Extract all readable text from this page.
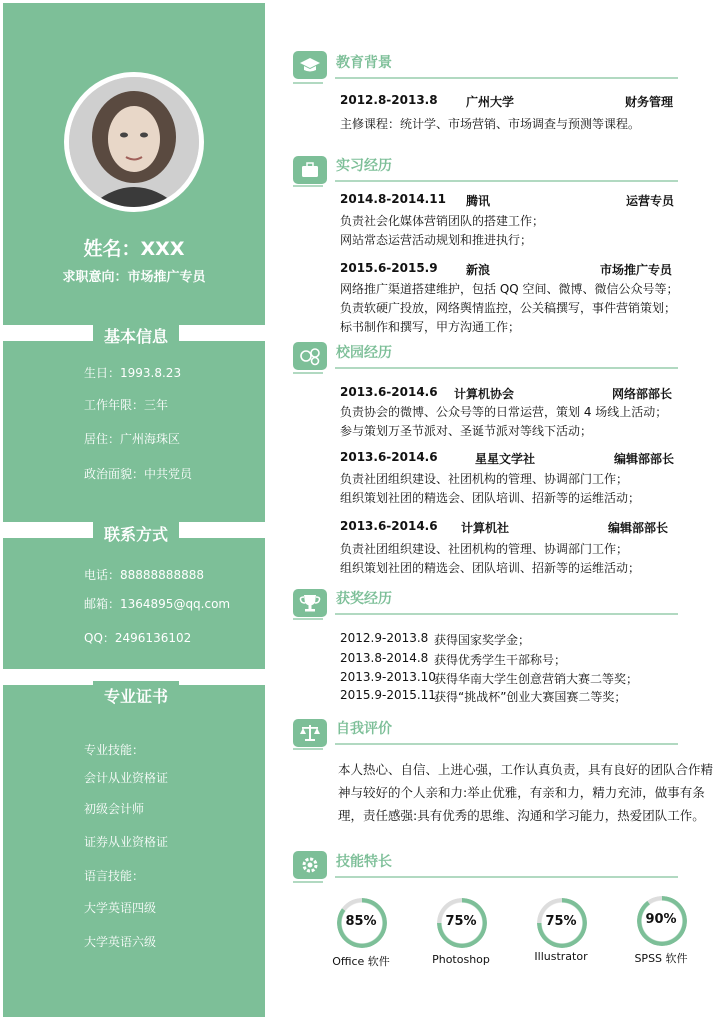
姓名：XXX
求职意向：市场推广专员
基本信息
生日：1993.8.23
工作年限：三年
居住：广州海珠区
政治面貌：中共党员
联系方式
电话：88888888888
邮箱：1364895@qq.com
QQ：2496136102
专业证书
专业技能：
会计从业资格证
初级会计师
证券从业资格证
语言技能：
大学英语四级
大学英语六级
教育背景
2012.8-2013.8 广州大学	财务管理
主修课程：统计学、市场营销、市场调查与预测等课程。
实习经历
2014.8-2014.11 腾讯	运营专员
负责社会化媒体营销团队的搭建工作；
网站常态运营活动规划和推进执行；
2015.6-2015.9 新浪	市场推广专员
网络推广渠道搭建维护，包括 QQ 空间、微博、微信公众号等；
负责软硬广投放，网络舆情监控，公关稿撰写，事件营销策划；
标书制作和撰写，甲方沟通工作；
校园经历
2013.6-2014.6 计算机协会	网络部部长
负责协会的微博、公众号等的日常运营，策划 4 场线上活动；
参与策划万圣节派对、圣诞节派对等线下活动；
2013.6-2014.6	星星文学社	编辑部部长
负责社团组织建设、社团机构的管理、协调部门工作；
组织策划社团的精选会、团队培训、招新等的运维活动；
2013.6-2014.6 计算机社	编辑部部长
负责社团组织建设、社团机构的管理、协调部门工作；
组织策划社团的精选会、团队培训、招新等的运维活动；
获奖经历
2012.9-2013.8 获得国家奖学金；
2013.8-2014.8 获得优秀学生干部称号；
2013.9-2013.10
获得华南大学生创意营销大赛二等奖；
2015.9-2015.11
获得“挑战杯”创业大赛国赛二等奖；
自我评价
本人热心、自信、上进心强，工作认真负责，具有良好的团队合作精
神与较好的个人亲和力:举止优雅，有亲和力，精力充沛，做事有条
理，责任感强:具有优秀的思维、沟通和学习能力，热爱团队工作。
技能特长
85%
Office 软件
75%
Photoshop
75%
Illustrator
90%
SPSS 软件
